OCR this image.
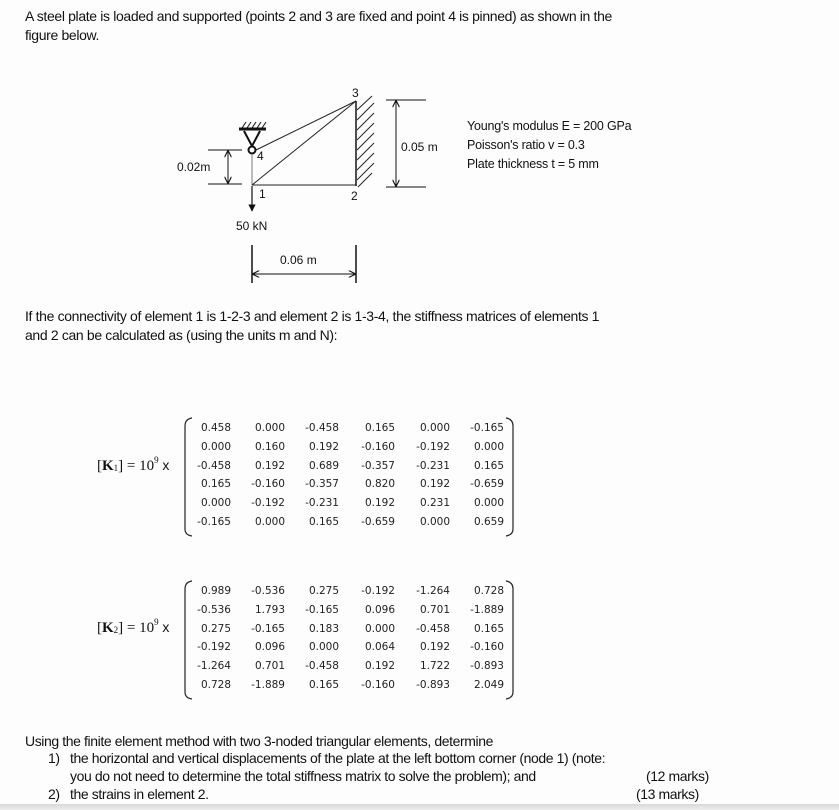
A steel plate is loaded and supported (points 2 and 3 are fixed and point 4 is pinned) as shown in the
figure below.
1	2
3
4
50 kN
0.02m
0.05 m
0.06 m
Young's modulus E = 200 GPa
Poisson's ratio v = 0.3
Plate thickness t = 5 mm
If the connectivity of element 1 is 1-2-3 and element 2 is 1-3-4, the stiffness matrices of elements 1
and 2 can be calculated as (using the units m and N):
$[K_1] = 10^9$ x
0.458	0.000	-0.458	0.165	0.000	-0.165
0.000	0.160	0.192	-0.160	-0.192	0.000
-0.458	0.192	0.689	-0.357	-0.231	0.165
0.165	-0.160	-0.357	0.820	0.192	-0.659
0.000	-0.192	-0.231	0.192	0.231	0.000
-0.165	0.000	0.165	-0.659	0.000	0.659
$[K_2] = 10^9$ x
0.989	-0.536	0.275	-0.192	-1.264	0.728
-0.536	1.793	-0.165	0.096	0.701	-1.889
0.275	-0.165	0.183	0.000	-0.458	0.165
-0.192	0.096	0.000	0.064	0.192	-0.160
-1.264	0.701	-0.458	0.192	1.722	-0.893
0.728	-1.889	0.165	-0.160	-0.893	2.049
Using the finite element method with two 3-noded triangular elements, determine
1) the horizontal and vertical displacements of the plate at the left bottom corner (node 1) (note:
you do not need to determine the total stiffness matrix to solve the problem); and	(12 marks)
2) the strains in element 2.	(13 marks)
